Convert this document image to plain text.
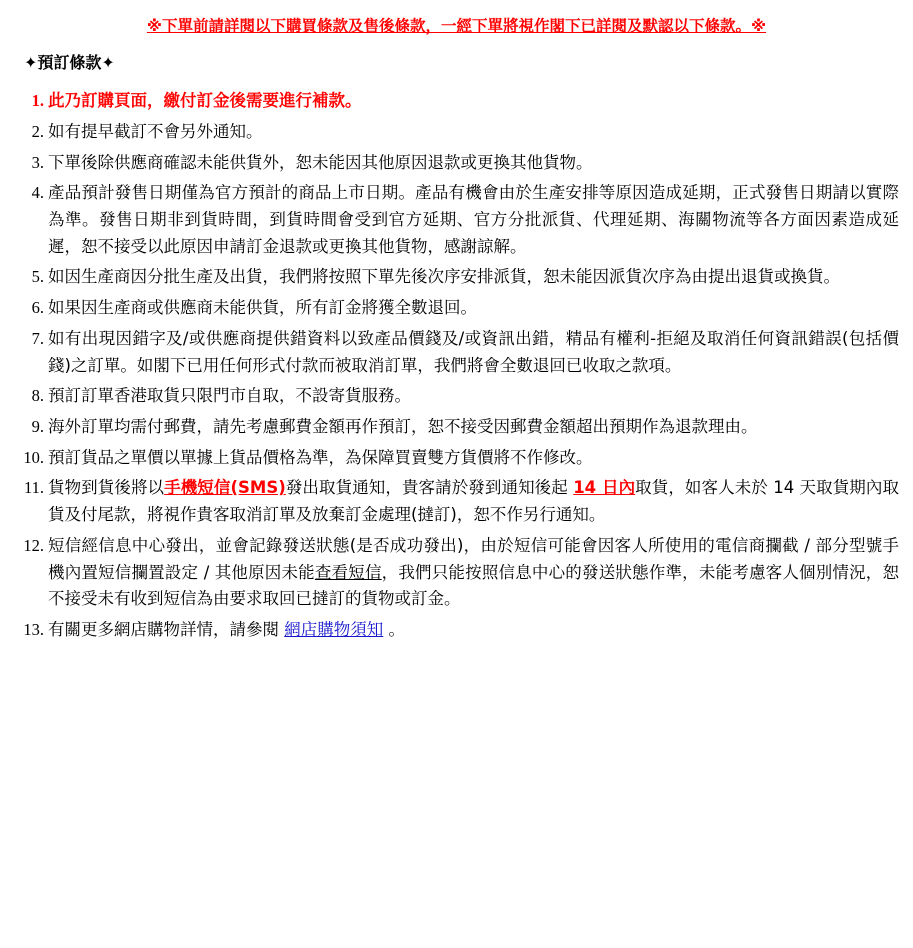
※下單前請詳閱以下購買條款及售後條款，一經下單將視作閣下已詳閱及默認以下條款。※
✦預訂條款✦
1. 此乃訂購頁面，繳付訂金後需要進行補款。
2. 如有提早截訂不會另外通知。
3. 下單後除供應商確認未能供貨外，恕未能因其他原因退款或更換其他貨物。
4. 產品預計發售日期僅為官方預計的商品上市日期。產品有機會由於生產安排等原因造成延期，正式發售日期請以實際為準。發售日期非到貨時間，到貨時間會受到官方延期、官方分批派貨、代理延期、海關物流等各方面因素造成延遲，恕不接受以此原因申請訂金退款或更換其他貨物，感謝諒解。
5. 如因生產商因分批生產及出貨，我們將按照下單先後次序安排派貨，恕未能因派貨次序為由提出退貨或換貨。
6. 如果因生產商或供應商未能供貨，所有訂金將獲全數退回。
7. 如有出現因錯字及/或供應商提供錯資料以致產品價錢及/或資訊出錯，精品有權利-拒絕及取消任何資訊錯誤(包括價錢)之訂單。如閣下已用任何形式付款而被取消訂單，我們將會全數退回已收取之款項。
8. 預訂訂單香港取貨只限門市自取，不設寄貨服務。
9. 海外訂單均需付郵費，請先考慮郵費金額再作預訂，恕不接受因郵費金額超出預期作為退款理由。
10. 預訂貨品之單價以單據上貨品價格為準，為保障買賣雙方貨價將不作修改。
11. 貨物到貨後將以手機短信(SMS)發出取貨通知，貴客請於發到通知後起 14 日內取貨，如客人未於 14 天取貨期內取貨及付尾款，將視作貴客取消訂單及放棄訂金處理(撻訂)，恕不作另行通知。
12. 短信經信息中心發出，並會記錄發送狀態(是否成功發出)，由於短信可能會因客人所使用的電信商攔截 / 部分型號手機內置短信攔置設定 / 其他原因未能查看短信，我們只能按照信息中心的發送狀態作準，未能考慮客人個別情況，恕不接受未有收到短信為由要求取回已撻訂的貨物或訂金。
13. 有關更多網店購物詳情，請參閱 網店購物須知 。
